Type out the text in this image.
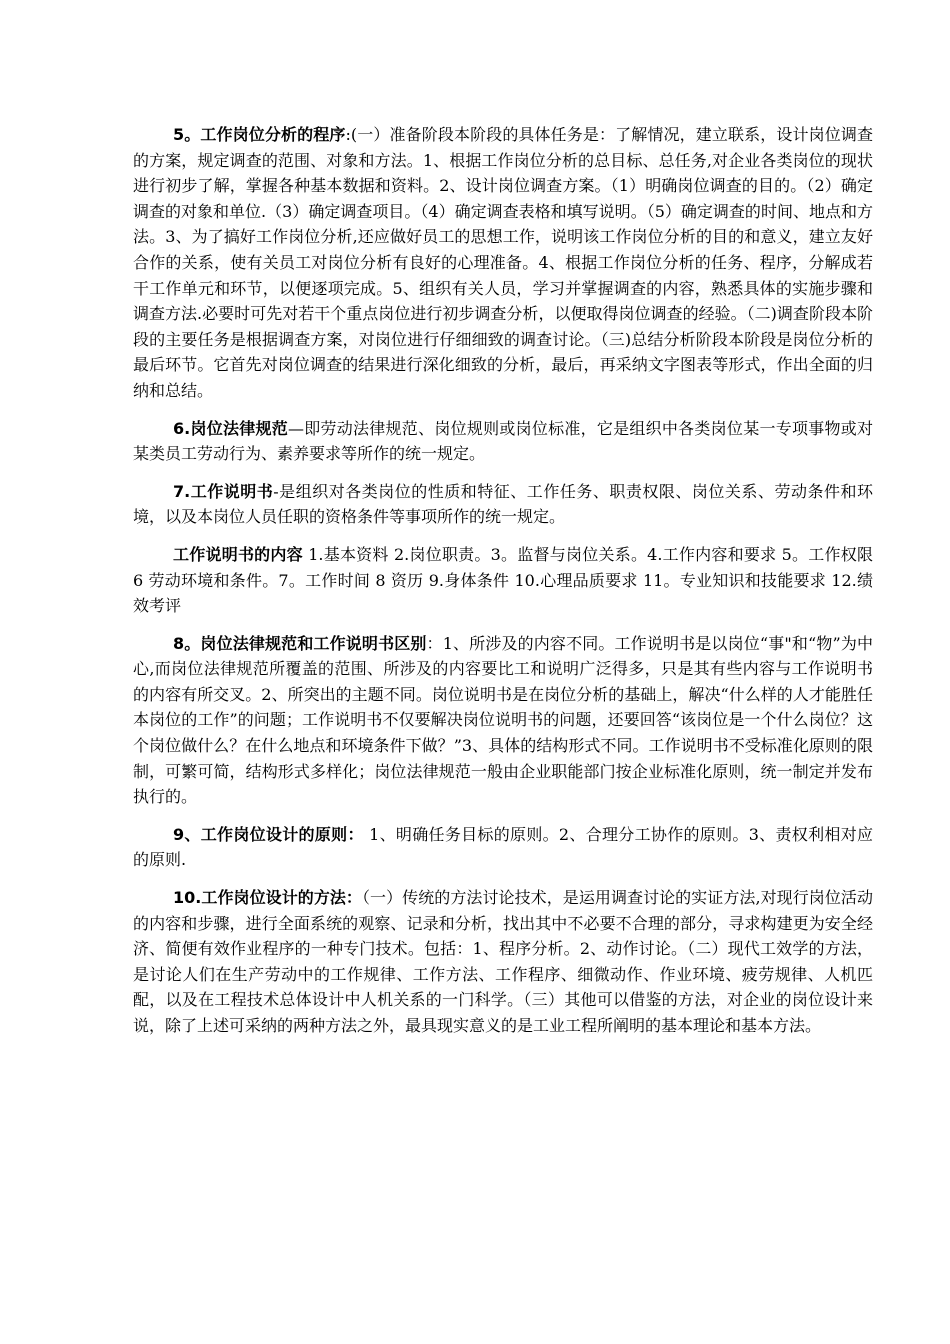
5。工作岗位分析的程序:(一）准备阶段本阶段的具体任务是：了解情况，建立联系，设计岗位调查的方案，规定调查的范围、对象和方法。1、根据工作岗位分析的总目标、总任务,对企业各类岗位的现状进行初步了解，掌握各种基本数据和资料。2、设计岗位调查方案。（1）明确岗位调查的目的。（2）确定调查的对象和单位.（3）确定调查项目。（4）确定调查表格和填写说明。（5）确定调查的时间、地点和方法。3、为了搞好工作岗位分析,还应做好员工的思想工作，说明该工作岗位分析的目的和意义，建立友好合作的关系，使有关员工对岗位分析有良好的心理准备。4、根据工作岗位分析的任务、程序，分解成若干工作单元和环节，以便逐项完成。5、组织有关人员，学习并掌握调查的内容，熟悉具体的实施步骤和调查方法.必要时可先对若干个重点岗位进行初步调查分析，以便取得岗位调查的经验。（二)调查阶段本阶段的主要任务是根据调查方案，对岗位进行仔细细致的调查讨论。（三)总结分析阶段本阶段是岗位分析的最后环节。它首先对岗位调查的结果进行深化细致的分析，最后，再采纳文字图表等形式，作出全面的归纳和总结。

6.岗位法律规范—即劳动法律规范、岗位规则或岗位标准，它是组织中各类岗位某一专项事物或对某类员工劳动行为、素养要求等所作的统一规定。

7.工作说明书-是组织对各类岗位的性质和特征、工作任务、职责权限、岗位关系、劳动条件和环境，以及本岗位人员任职的资格条件等事项所作的统一规定。

工作说明书的内容 1.基本资料 2.岗位职责。3。监督与岗位关系。4.工作内容和要求 5。工作权限 6 劳动环境和条件。7。工作时间 8 资历 9.身体条件 10.心理品质要求 11。专业知识和技能要求 12.绩效考评

8。岗位法律规范和工作说明书区别：1、所涉及的内容不同。工作说明书是以岗位“事"和“物”为中心,而岗位法律规范所覆盖的范围、所涉及的内容要比工和说明广泛得多，只是其有些内容与工作说明书的内容有所交叉。2、所突出的主题不同。岗位说明书是在岗位分析的基础上，解决“什么样的人才能胜任本岗位的工作”的问题；工作说明书不仅要解决岗位说明书的问题，还要回答“该岗位是一个什么岗位？这个岗位做什么？在什么地点和环境条件下做？”3、具体的结构形式不同。工作说明书不受标准化原则的限制，可繁可简，结构形式多样化；岗位法律规范一般由企业职能部门按企业标准化原则，统一制定并发布执行的。

9、工作岗位设计的原则： 1、明确任务目标的原则。2、合理分工协作的原则。3、责权利相对应的原则.

10.工作岗位设计的方法：（一）传统的方法讨论技术，是运用调查讨论的实证方法,对现行岗位活动的内容和步骤，进行全面系统的观察、记录和分析，找出其中不必要不合理的部分，寻求构建更为安全经济、简便有效作业程序的一种专门技术。包括：1、程序分析。2、动作讨论。（二）现代工效学的方法，是讨论人们在生产劳动中的工作规律、工作方法、工作程序、细微动作、作业环境、疲劳规律、人机匹配，以及在工程技术总体设计中人机关系的一门科学。（三）其他可以借鉴的方法，对企业的岗位设计来说，除了上述可采纳的两种方法之外，最具现实意义的是工业工程所阐明的基本理论和基本方法。
